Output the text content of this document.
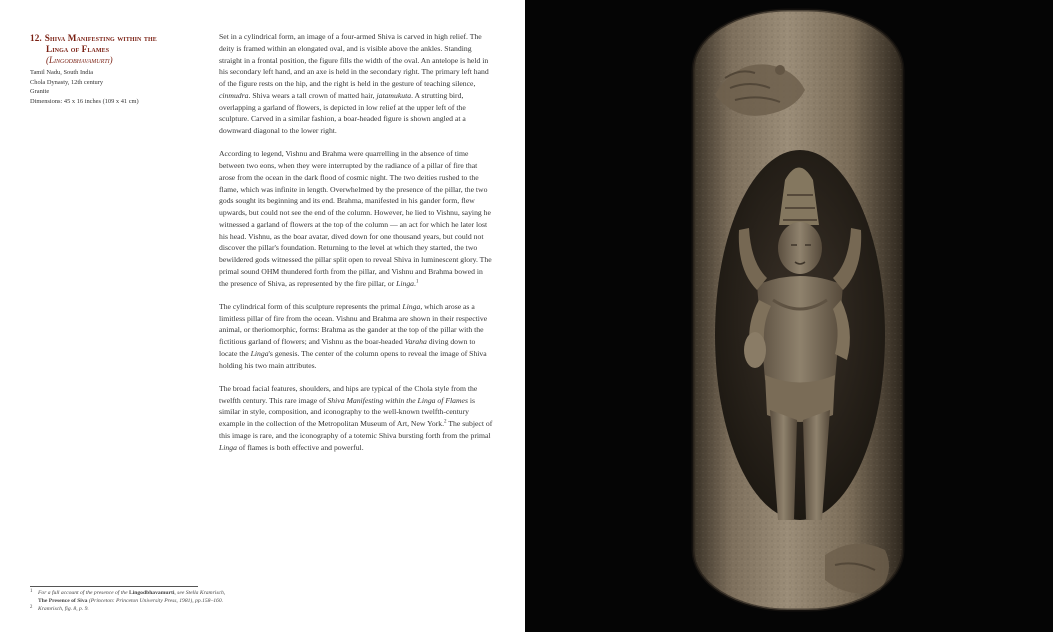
12. Shiva Manifesting within the
Linga of Flames
(Lingodbhavamurti)
Tamil Nadu, South India
Chola Dynasty, 12th century
Granite
Dimensions: 45 x 16 inches (109 x 41 cm)

Set in a cylindrical form, an image of a four-armed Shiva is carved in high relief. The deity is framed within an elongated oval, and is visible above the ankles. Standing straight in a frontal position, the figure fills the width of the oval. An antelope is held in his secondary left hand, and an axe is held in the secondary right. The primary left hand of the figure rests on the hip, and the right is held in the gesture of teaching silence, cinmudra. Shiva wears a tall crown of matted hair, jatamukuta. A strutting bird, overlapping a garland of flowers, is depicted in low relief at the upper left of the sculpture. Carved in a similar fashion, a boar-headed figure is shown angled at a downward diagonal to the lower right.

According to legend, Vishnu and Brahma were quarrelling in the absence of time between two eons, when they were interrupted by the radiance of a pillar of fire that arose from the ocean in the dark flood of cosmic night. The two deities rushed to the flame, which was infinite in length. Overwhelmed by the presence of the pillar, the two gods sought its beginning and its end. Brahma, manifested in his gander form, flew upwards, but could not see the end of the column. However, he lied to Vishnu, saying he witnessed a garland of flowers at the top of the column — an act for which he later lost his head. Vishnu, as the boar avatar, dived down for one thousand years, but could not discover the pillar's foundation. Returning to the level at which they started, the two bewildered gods witnessed the pillar split open to reveal Shiva in luminescent glory. The primal sound OHM thundered forth from the pillar, and Vishnu and Brahma bowed in the presence of Shiva, as represented by the fire pillar, or Linga.$^1$

The cylindrical form of this sculpture represents the primal Linga, which arose as a limitless pillar of fire from the ocean. Vishnu and Brahma are shown in their respective animal, or theriomorphic, forms: Brahma as the gander at the top of the pillar with the fictitious garland of flowers; and Vishnu as the boar-headed Varaha diving down to locate the Linga's genesis. The center of the column opens to reveal the image of Shiva holding his two main attributes.

The broad facial features, shoulders, and hips are typical of the Chola style from the twelfth century. This rare image of Shiva Manifesting within the Linga of Flames is similar in style, composition, and iconography to the well-known twelfth-century example in the collection of the Metropolitan Museum of Art, New York.$^2$ The subject of this image is rare, and the iconography of a totemic Shiva bursting forth from the primal Linga of flames is both effective and powerful.

1 For a full account of the presence of the Lingodbhavamurti, see Stella Kramrisch, The Presence of Siva (Princeton: Princeton University Press, 1981), pp.158–160.
2 Kramrisch, fig. 8, p. 9.
